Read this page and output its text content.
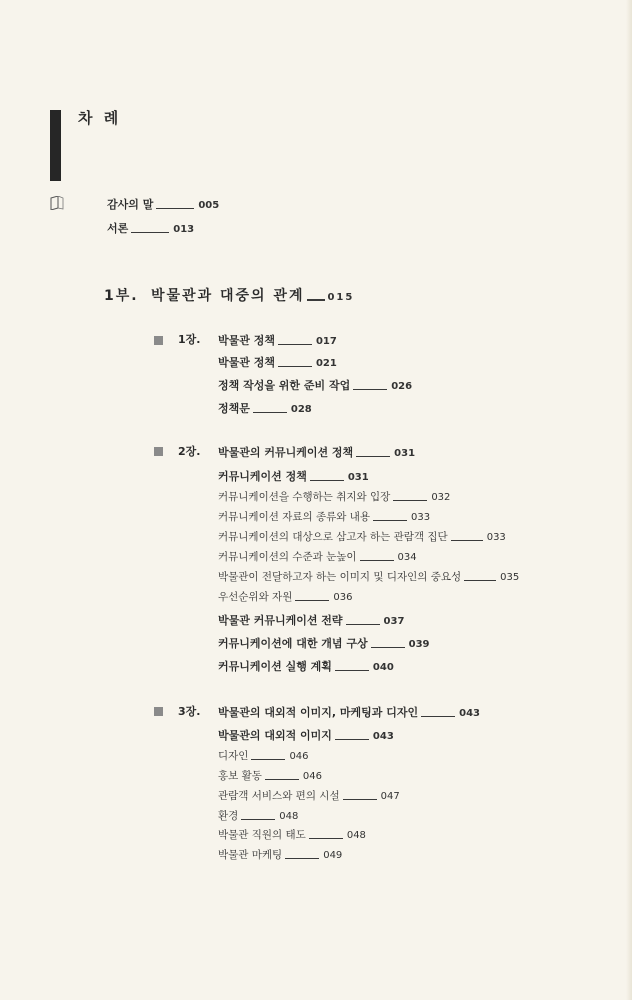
차 례
감사의 말	005
서론	013
1부. 박물관과 대중의 관계 015
1장. 박물관 정책	017
박물관 정책	021
정책 작성을 위한 준비 작업	026
정책문	028
2장. 박물관의 커뮤니케이션 정책	031
커뮤니케이션 정책	031
커뮤니케이션을 수행하는 취지와 입장	032
커뮤니케이션 자료의 종류와 내용	033
커뮤니케이션의 대상으로 삼고자 하는 관람객 집단	033
커뮤니케이션의 수준과 눈높이	034
박물관이 전달하고자 하는 이미지 및 디자인의 중요성	035
우선순위와 자원	036
박물관 커뮤니케이션 전략	037
커뮤니케이션에 대한 개념 구상	039
커뮤니케이션 실행 계획	040
3장. 박물관의 대외적 이미지, 마케팅과 디자인	043
박물관의 대외적 이미지	043
디자인	046
홍보 활동	046
관람객 서비스와 편의 시설	047
환경	048
박물관 직원의 태도	048
박물관 마케팅	049
